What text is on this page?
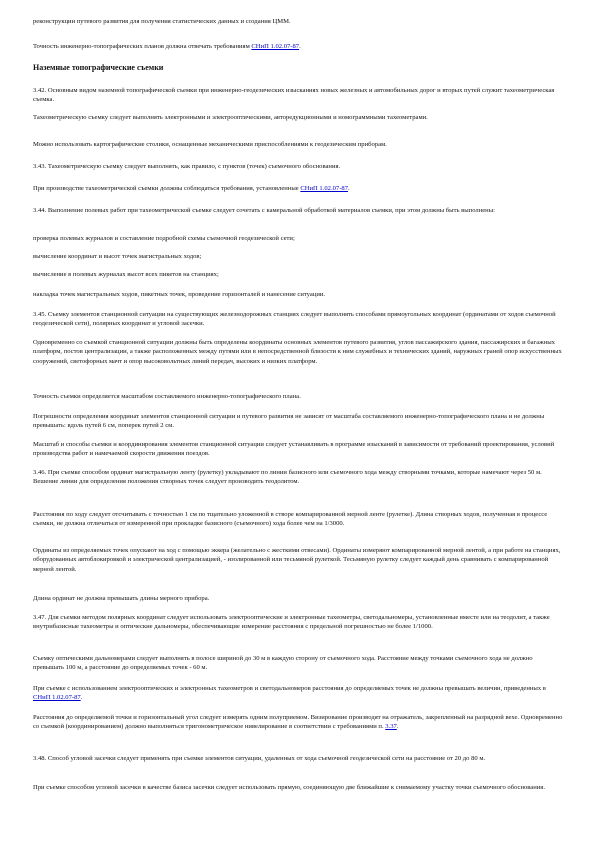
реконструкции путевого развития для получения статистических данных и создания ЦММ.

Точность инженерно-топографических планов должна отвечать требованиям СНиП 1.02.07-87.

Наземные топографические съемки

3.42. Основным видом наземной топографической съемки при инженерно-геодезических изысканиях новых железных и автомобильных дорог и вторых путей служит тахеометрическая съемка.

Тахеометрическую съемку следует выполнять электронными и электрооптическими, авторедукционными и номограммными тахеометрами.

Можно использовать картографические столики, оснащенные механическими приспособлениями к геодезическим приборам.

3.43. Тахеометрическую съемку следует выполнять, как правило, с пунктов (точек) съемочного обоснования.

При производстве тахеометрической съемки должны соблюдаться требования, установленные СНиП 1.02.07-87.

3.44. Выполнение полевых работ при тахеометрической съемке следует сочетать с камеральной обработкой материалов съемки, при этом должны быть выполнены:

проверка полевых журналов и составление подробной схемы съемочной геодезической сети;

вычисление координат и высот точек магистральных ходов;

вычисление в полевых журналах высот всех пикетов на станциях;

накладка точек магистральных ходов, пикетных точек, проведение горизонталей и нанесение ситуации.

3.45. Съемку элементов станционной ситуации на существующих железнодорожных станциях следует выполнять способами прямоугольных координат (ординатами от ходов съемочной геодезической сети), полярных координат и угловой засечки.

Одновременно со съемкой станционной ситуации должны быть определены координаты основных элементов путевого развития, углов пассажирского здания, пассажирских и багажных платформ, постов централизации, а также расположенных между путями или в непосредственной близости к ним служебных и технических зданий, наружных граней опор искусственных сооружений, светофорных мачт и опор высоковольтных линий передач, высоких и низких платформ.

Точность съемки определяется масштабом составляемого инженерно-топографического плана.

Погрешности определения координат элементов станционной ситуации и путевого развития не зависят от масштаба составляемого инженерно-топографического плана и не должны превышать: вдоль путей 6 см, поперек путей 2 см.

Масштаб и способы съемки и координирования элементов станционной ситуации следует устанавливать в программе изысканий в зависимости от требований проектирования, условий производства работ и намечаемой скорости движения поездов.

3.46. При съемке способом ординат магистральную ленту (рулетку) укладывают по линии базисного или съемочного хода между створными точками, которые намечают через 50 м. Вешение линии для определения положения створных точек следует производить теодолитом.

Расстояния по ходу следует отсчитывать с точностью 1 см по тщательно уложенной в створе компарированной мерной ленте (рулетке). Длина створных ходов, полученная в процессе съемки, не должна отличаться от измеренной при прокладке базисного (съемочного) хода более чем на 1/3000.

Ординаты из определяемых точек опускают на ход с помощью эккера (желательно с жесткими отвесами). Ординаты измеряют компарированной мерной лентой, а при работе на станциях, оборудованных автоблокировкой и электрической централизацией, - изолированной или тесьмяной рулеткой. Тесьмяную рулетку следует каждый день сравнивать с компарированной мерной лентой.

Длина ординат не должна превышать длины мерного прибора.

3.47. Для съемки методом полярных координат следует использовать электрооптические и электронные тахеометры, светодальномеры, установленные вместе или на теодолит, а также внутрибазисные тахеометры и оптические дальномеры, обеспечивающие измерение расстояния с предельной погрешностью не более 1/1000.

Съемку оптическими дальномерами следует выполнять в полосе шириной до 30 м в каждую сторону от съемочного хода. Расстояние между точками съемочного хода не должно превышать 100 м, а расстояние до определяемых точек - 60 м.

При съемке с использованием электрооптических и электронных тахеометров и светодальномеров расстояния до определяемых точек не должны превышать величин, приведенных в СНиП 1.02.07-87.

Расстояния до определяемой точки и горизонтальный угол следует измерять одним полуприемом. Визирование производят на отражатель, закрепленный на разрядной вехе. Одновременно со съемкой (координированием) должно выполняться тригонометрическое нивелирование в соответствии с требованиями п. 3.37.

3.48. Способ угловой засечки следует применять при съемке элементов ситуации, удаленных от хода съемочной геодезической сети на расстояние от 20 до 80 м.

При съемке способом угловой засечки в качестве базиса засечки следует использовать прямую, соединяющую две ближайшие к снимаемому участку точки съемочного обоснования.
